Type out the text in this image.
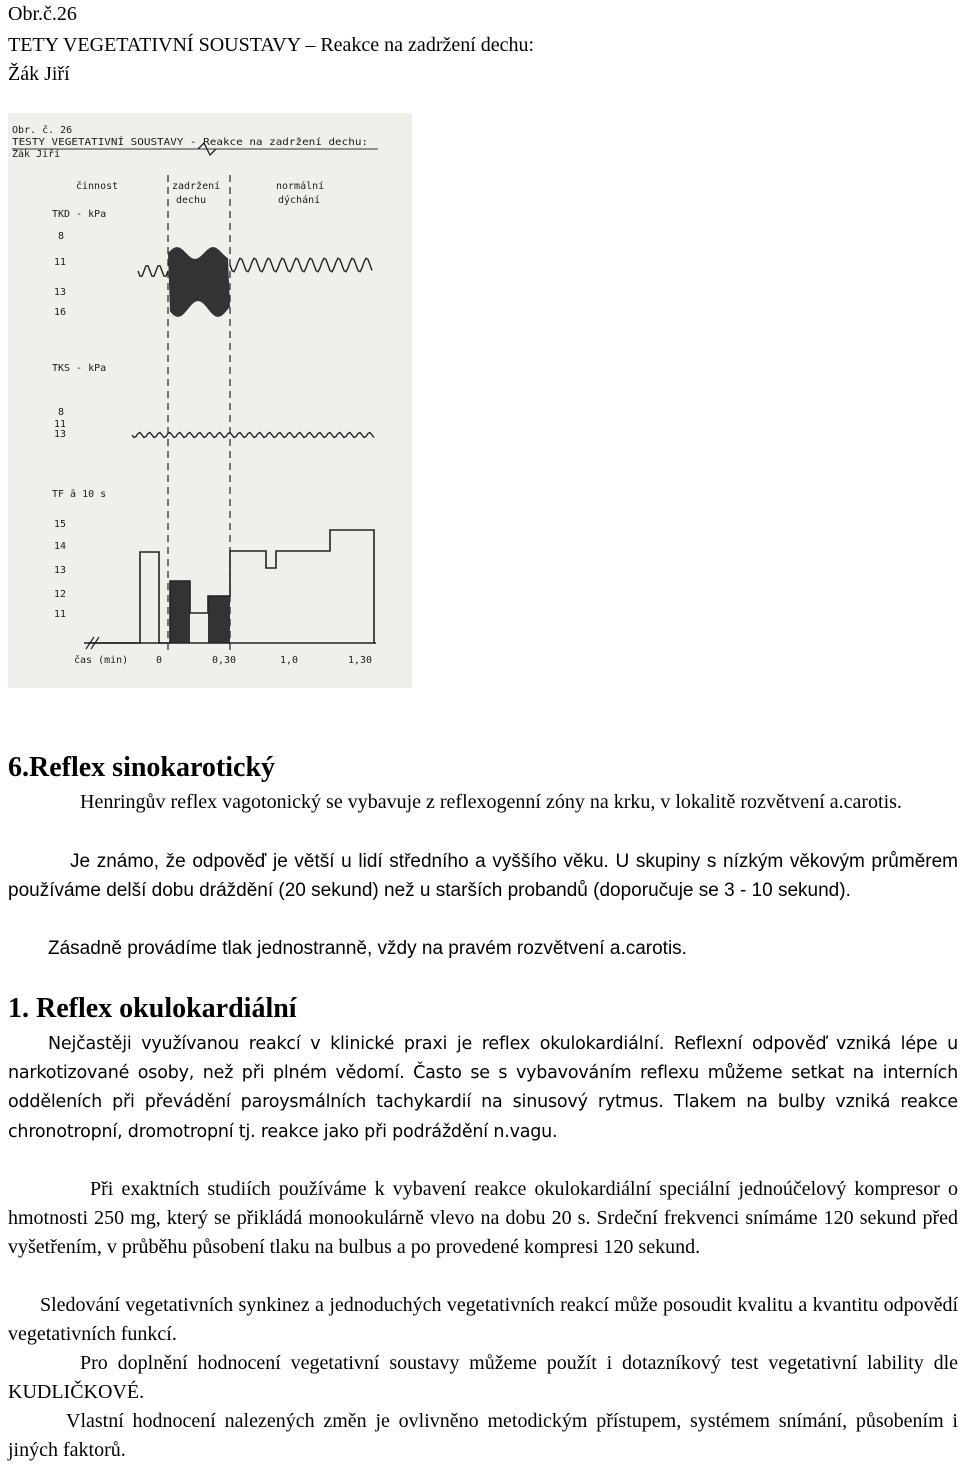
Obr.č.26
TETY VEGETATIVNÍ SOUSTAVY – Reakce na zadržení dechu:
Žák Jiří
Obr. č. 26
TESTY VEGETATIVNÍ SOUSTAVY - Reakce na zadržení dechu:
Žák Jiří
činnost	zadržení
dechu
normální
dýchání
TKD - kPa
8
11
13
16
TKS - kPa
8
11
13
TF ā 10 s
15
14
13
12
11
čas (min)	0	0,30	1,0	1,30
6.Reflex sinokarotický
Henringův reflex vagotonický se vybavuje z reflexogenní zóny na krku, v lokalitě rozvětvení a.carotis.
Je známo, že odpověď je větší u lidí středního a vyššího věku. U skupiny s nízkým věkovým průměrem používáme delší dobu dráždění (20 sekund) než u starších probandů (doporučuje se 3 - 10 sekund).
Zásadně provádíme tlak jednostranně, vždy na pravém rozvětvení a.carotis.
1. Reflex okulokardiální
Nejčastěji využívanou reakcí v klinické praxi je reflex okulokardiální. Reflexní odpověď vzniká lépe u narkotizované osoby, než při plném vědomí. Často se s vybavováním reflexu můžeme setkat na interních odděleních při převádění paroysmálních tachykardií na sinusový rytmus. Tlakem na bulby vzniká reakce chronotropní, dromotropní tj. reakce jako při podráždění n.vagu.
Při exaktních studiích používáme k vybavení reakce okulokardiální speciální jednoúčelový kompresor o hmotnosti 250 mg, který se přikládá monookulárně vlevo na dobu 20 s. Srdeční frekvenci snímáme 120 sekund před vyšetřením, v průběhu působení tlaku na bulbus a po provedené kompresi 120 sekund.
Sledování vegetativních synkinez a jednoduchých vegetativních reakcí může posoudit kvalitu a kvantitu odpovědí vegetativních funkcí.
Pro doplnění hodnocení vegetativní soustavy můžeme použít i dotazníkový test vegetativní lability dle KUDLIČKOVÉ.
Vlastní hodnocení nalezených změn je ovlivněno metodickým přístupem, systémem snímání, působením i jiných faktorů.
